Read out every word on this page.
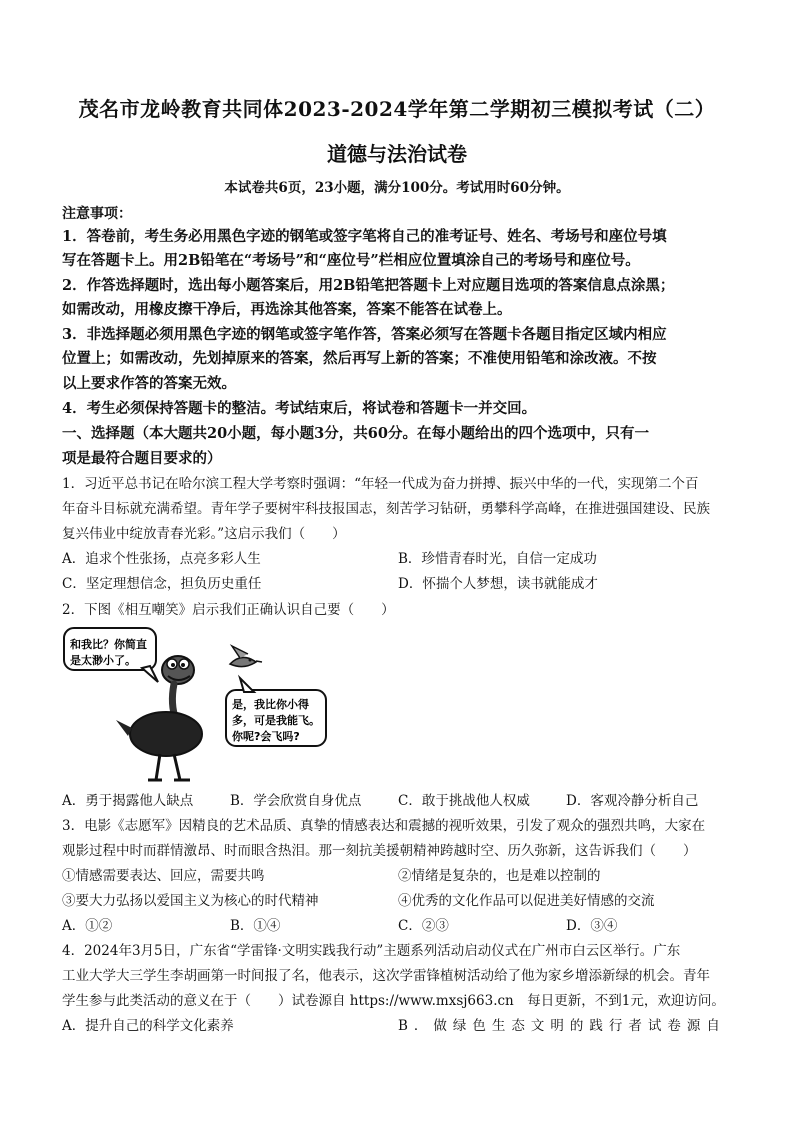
茂名市龙岭教育共同体2023-2024学年第二学期初三模拟考试（二）
道德与法治试卷
本试卷共6页，23小题，满分100分。考试用时60分钟。
注意事项：
1．答卷前，考生务必用黑色字迹的钢笔或签字笔将自己的准考证号、姓名、考场号和座位号填
写在答题卡上。用2B铅笔在“考场号”和“座位号”栏相应位置填涂自己的考场号和座位号。
2．作答选择题时，选出每小题答案后，用2B铅笔把答题卡上对应题目选项的答案信息点涂黑；
如需改动，用橡皮擦干净后，再选涂其他答案，答案不能答在试卷上。
3．非选择题必须用黑色字迹的钢笔或签字笔作答，答案必须写在答题卡各题目指定区域内相应
位置上；如需改动，先划掉原来的答案，然后再写上新的答案；不准使用铅笔和涂改液。不按
以上要求作答的答案无效。
4．考生必须保持答题卡的整洁。考试结束后，将试卷和答题卡一并交回。
一、选择题（本大题共20小题，每小题3分，共60分。在每小题给出的四个选项中，只有一
项是最符合题目要求的）
1．习近平总书记在哈尔滨工程大学考察时强调：“年轻一代成为奋力拼搏、振兴中华的一代，实现第二个百
年奋斗目标就充满希望。青年学子要树牢科技报国志，刻苦学习钻研，勇攀科学高峰，在推进强国建设、民族
复兴伟业中绽放青春光彩。”这启示我们（　　）
A．追求个性张扬，点亮多彩人生	B．珍惜青春时光，自信一定成功
C．坚定理想信念，担负历史重任	D．怀揣个人梦想，读书就能成才
2．下图《相互嘲笑》启示我们正确认识自己要（　　）
和我比？你简直
是太渺小了。
是，我比你小得
多，可是我能飞。
你呢?会飞吗?
A．勇于揭露他人缺点	B．学会欣赏自身优点	C．敢于挑战他人权威	D．客观冷静分析自己
3．电影《志愿军》因精良的艺术品质、真挚的情感表达和震撼的视听效果，引发了观众的强烈共鸣，大家在
观影过程中时而群情激昂、时而眼含热泪。那一刻抗美援朝精神跨越时空、历久弥新，这告诉我们（　　）
①情感需要表达、回应，需要共鸣	②情绪是复杂的，也是难以控制的
③要大力弘扬以爱国主义为核心的时代精神	④优秀的文化作品可以促进美好情感的交流
A．①②	B．①④	C．②③	D．③④
4．2024年3月5日，广东省“学雷锋·文明实践我行动”主题系列活动启动仪式在广州市白云区举行。广东
工业大学大三学生李胡画第一时间报了名，他表示，这次学雷锋植树活动给了他为家乡增添新绿的机会。青年
学生参与此类活动的意义在于（　　）试卷源自 https://www.mxsj663.cn　每日更新，不到1元，欢迎访问。
A．提升自己的科学文化素养	B．做绿色生态文明的践行者试卷源自
